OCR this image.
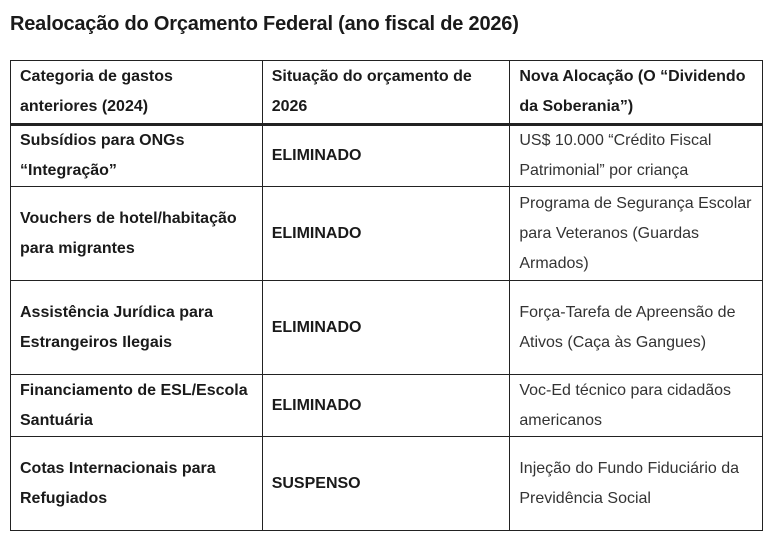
Realocação do Orçamento Federal (ano fiscal de 2026)
Categoria de gastos anteriores (2024)	Situação do orçamento de 2026	Nova Alocação (O “Dividendo da Soberania”)
Subsídios para ONGs “Integração”	ELIMINADO	US$ 10.000 “Crédito Fiscal Patrimonial” por criança
Vouchers de hotel/habitação para migrantes	ELIMINADO	Programa de Segurança Escolar para Veteranos (Guardas Armados)
Assistência Jurídica para Estrangeiros Ilegais	ELIMINADO	Força-Tarefa de Apreensão de Ativos (Caça às Gangues)
Financiamento de ESL/Escola Santuária	ELIMINADO	Voc-Ed técnico para cidadãos americanos
Cotas Internacionais para Refugiados	SUSPENSO	Injeção do Fundo Fiduciário da Previdência Social
